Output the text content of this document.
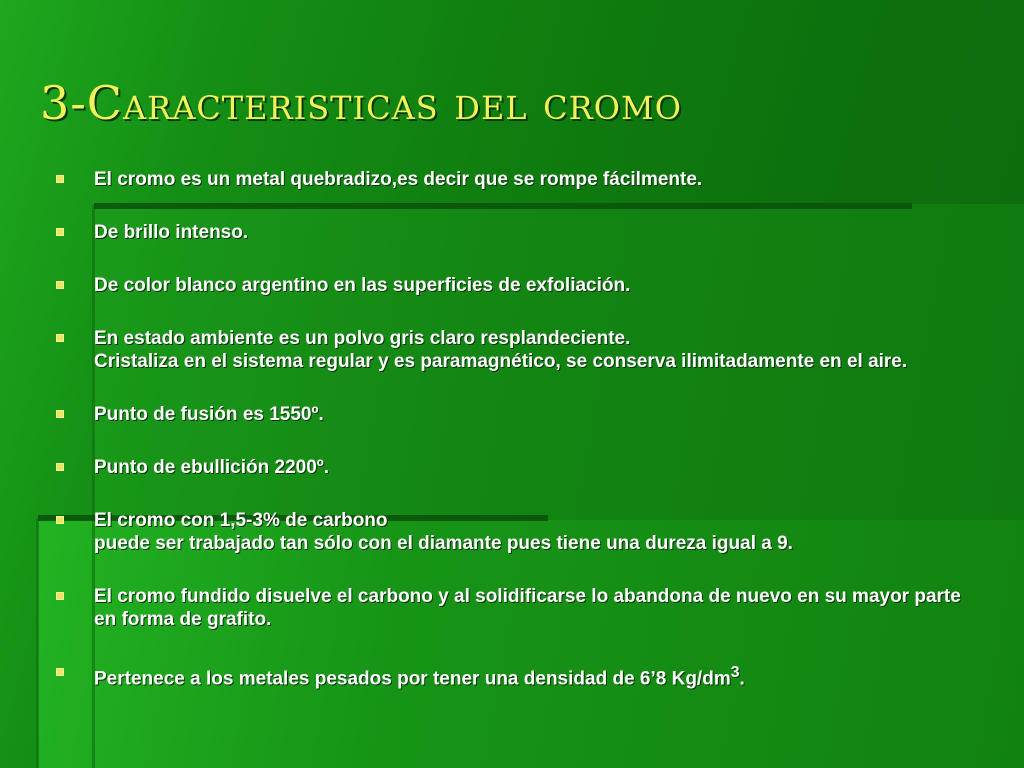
3-Caracteristicas del cromo
El cromo es un metal quebradizo,es decir que se rompe fácilmente.
De brillo intenso.
De color blanco argentino en las superficies de exfoliación.
En estado ambiente es un polvo gris claro resplandeciente.
Cristaliza en el sistema regular y es paramagnético, se conserva ilimitadamente en el aire.
Punto de fusión es 1550º.
Punto de ebullición 2200º.
El cromo con 1,5-3% de carbono
puede ser trabajado tan sólo con el diamante pues tiene una dureza igual a 9.
El cromo fundido disuelve el carbono y al solidificarse lo abandona de nuevo en su mayor parte en forma de grafito.
Pertenece a los metales pesados por tener una densidad de 6’8 $Kg/dm^3$.
